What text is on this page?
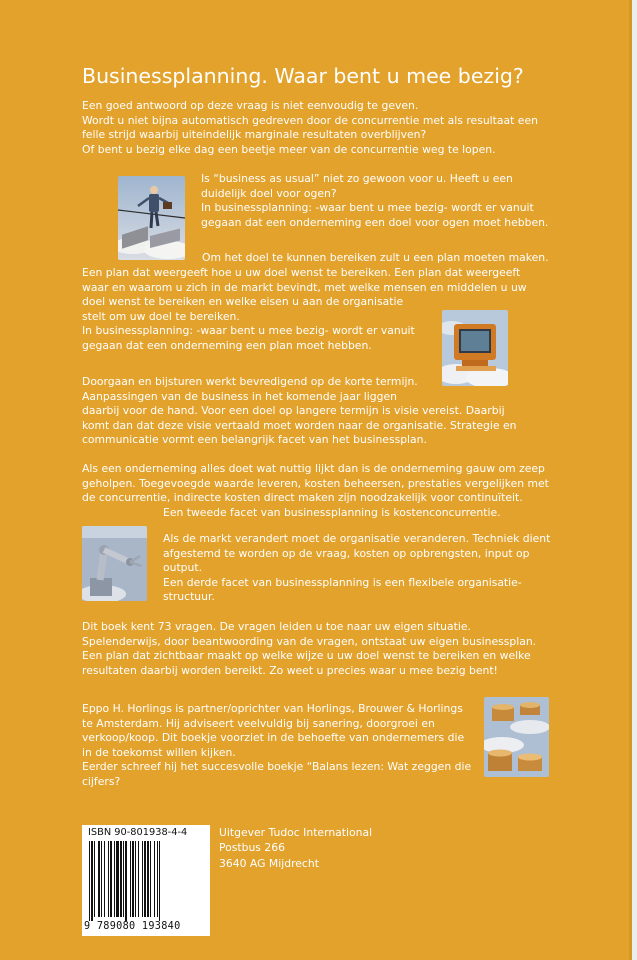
Businessplanning. Waar bent u mee bezig?
Een goed antwoord op deze vraag is niet eenvoudig te geven.
Wordt u niet bijna automatisch gedreven door de concurrentie met als resultaat een
felle strijd waarbij uiteindelijk marginale resultaten overblijven?
Of bent u bezig elke dag een beetje meer van de concurrentie weg te lopen.
Is “business as usual” niet zo gewoon voor u. Heeft u een
duidelijk doel voor ogen?
In businessplanning: -waar bent u mee bezig- wordt er vanuit
gegaan dat een onderneming een doel voor ogen moet hebben.
Om het doel te kunnen bereiken zult u een plan moeten maken.
Een plan dat weergeeft hoe u uw doel wenst te bereiken. Een plan dat weergeeft
waar en waarom u zich in de markt bevindt, met welke mensen en middelen u uw
doel wenst te bereiken en welke eisen u aan de organisatie
stelt om uw doel te bereiken.
In businessplanning: -waar bent u mee bezig- wordt er vanuit
gegaan dat een onderneming een plan moet hebben.
Doorgaan en bijsturen werkt bevredigend op de korte termijn.
Aanpassingen van de business in het komende jaar liggen
daarbij voor de hand. Voor een doel op langere termijn is visie vereist. Daarbij
komt dan dat deze visie vertaald moet worden naar de organisatie. Strategie en
communicatie vormt een belangrijk facet van het businessplan.
Als een onderneming alles doet wat nuttig lijkt dan is de onderneming gauw om zeep
geholpen. Toegevoegde waarde leveren, kosten beheersen, prestaties vergelijken met
de concurrentie, indirecte kosten direct maken zijn noodzakelijk voor continuïteit.
Een tweede facet van businessplanning is kostenconcurrentie.
Als de markt verandert moet de organisatie veranderen. Techniek dient
afgestemd te worden op de vraag, kosten op opbrengsten, input op
output.
Een derde facet van businessplanning is een flexibele organisatie-
structuur.
Dit boek kent 73 vragen. De vragen leiden u toe naar uw eigen situatie.
Spelenderwijs, door beantwoording van de vragen, ontstaat uw eigen businessplan.
Een plan dat zichtbaar maakt op welke wijze u uw doel wenst te bereiken en welke
resultaten daarbij worden bereikt. Zo weet u precies waar u mee bezig bent!
Eppo H. Horlings is partner/oprichter van Horlings, Brouwer & Horlings
te Amsterdam. Hij adviseert veelvuldig bij sanering, doorgroei en
verkoop/koop. Dit boekje voorziet in de behoefte van ondernemers die
in de toekomst willen kijken.
Eerder schreef hij het succesvolle boekje “Balans lezen: Wat zeggen die
cijfers?
ISBN 90-801938-4-4
9 789080 193840
Uitgever Tudoc International
Postbus 266
3640 AG Mijdrecht
